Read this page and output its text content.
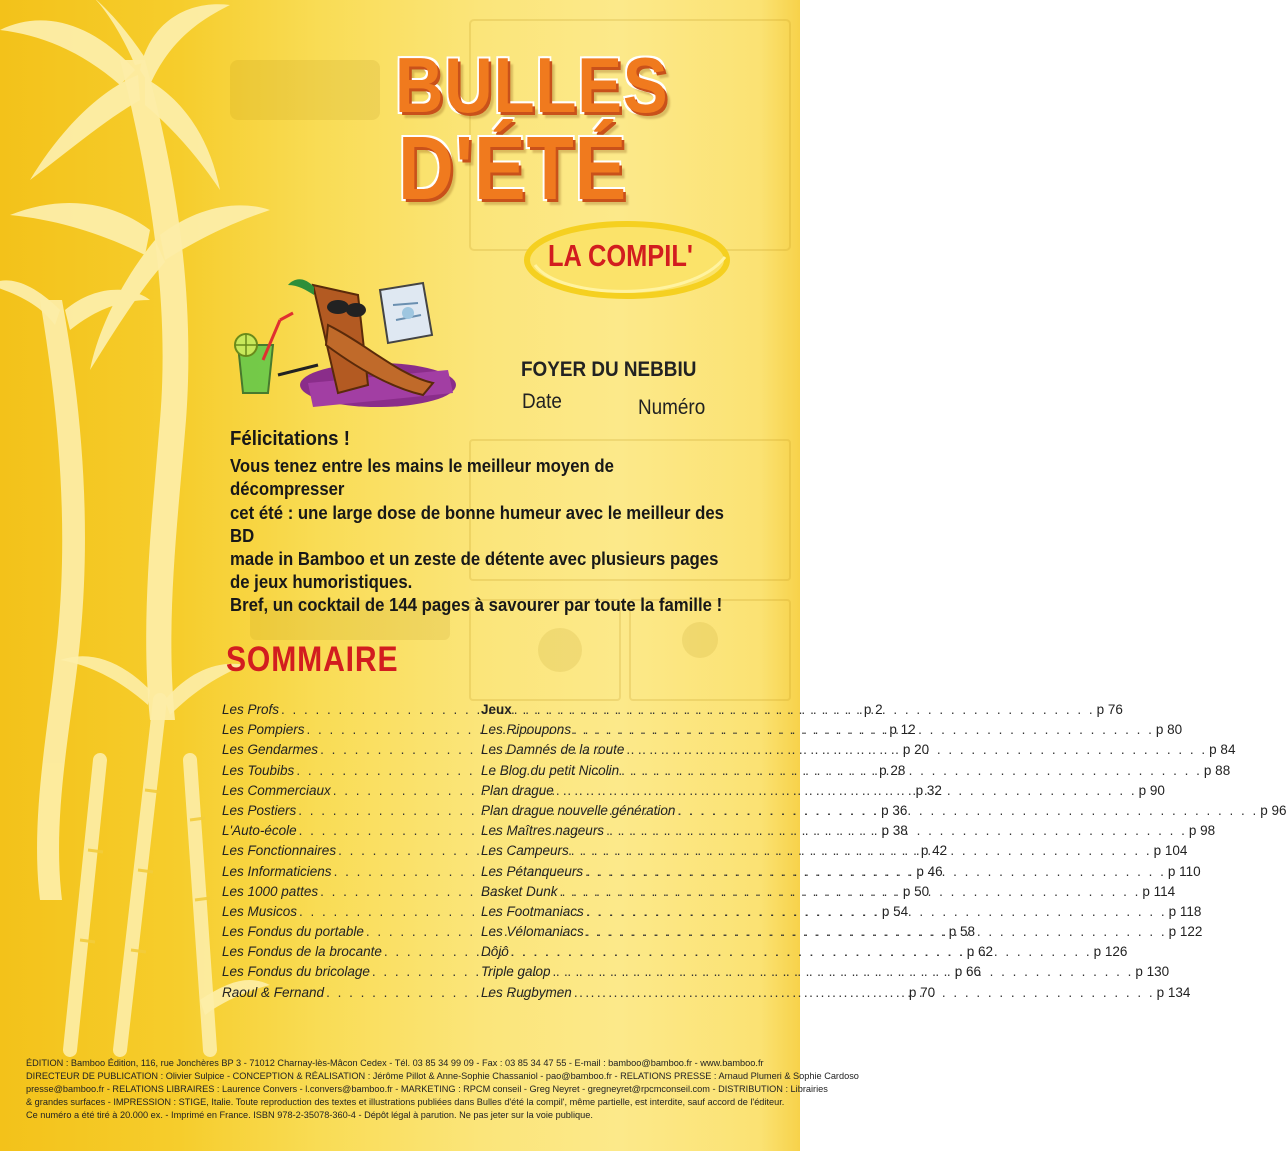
BULLES
D'ÉTÉ
LA COMPIL'
FOYER DU NEBBIU
Date	Numéro
Félicitations !
Vous tenez entre les mains le meilleur moyen de décompresser
cet été : une large dose de bonne humeur avec le meilleur des BD
made in Bamboo et un zeste de détente avec plusieurs pages
de jeux humoristiques.
Bref, un cocktail de 144 pages à savourer par toute la famille !
SOMMAIRE
Les Profs . . .	p 2
Les Pompiers . . .	p 12
Les Gendarmes . . .	p 20
Les Toubibs . . .	p 28
Les Commerciaux . . .	p 32
Les Postiers . . .	p 36
L'Auto-école . . .	p 38
Les Fonctionnaires . . .	p 42
Les Informaticiens . . .	p 46
Les 1000 pattes . . .	p 50
Les Musicos . . .	p 54
Les Fondus du portable . . .	p 58
Les Fondus de la brocante . . .	p 62
Les Fondus du bricolage . . .	p 66
Raoul & Fernand . . .	p 70
Jeux . . .	p 76
Les Ripoupons . . .	p 80
Les Damnés de la route . . .	p 84
Le Blog du petit Nicolin . . .	p 88
Plan drague . . .	p 90
Plan drague nouvelle génération . . .	p 96
Les Maîtres nageurs . . .	p 98
Les Campeurs . . .	p 104
Les Pétanqueurs . . .	p 110
Basket Dunk . . .	p 114
Les Footmaniacs . . .	p 118
Les Vélomaniacs . . .	p 122
Dôjô . . .	p 126
Triple galop . . .	p 130
Les Rugbymen . . .	p 134
ÉDITION : Bamboo Édition, 116, rue Jonchères BP 3 - 71012 Charnay-lès-Mâcon Cedex - Tél. 03 85 34 99 09 - Fax : 03 85 34 47 55 - E-mail : bamboo@bamboo.fr - www.bamboo.fr
DIRECTEUR DE PUBLICATION : Olivier Sulpice - CONCEPTION & RÉALISATION : Jérôme Pillot & Anne-Sophie Chassaniol - pao@bamboo.fr - RELATIONS PRESSE : Arnaud Plumeri & Sophie Cardoso
presse@bamboo.fr - RELATIONS LIBRAIRES : Laurence Convers - l.convers@bamboo.fr - MARKETING : RPCM conseil - Greg Neyret - gregneyret@rpcmconseil.com - DISTRIBUTION : Librairies
& grandes surfaces - IMPRESSION : STIGE, Italie. Toute reproduction des textes et illustrations publiées dans Bulles d'été la compil', même partielle, est interdite, sauf accord de l'éditeur.
Ce numéro a été tiré à 20.000 ex. - Imprimé en France. ISBN 978-2-35078-360-4 - Dépôt légal à parution. Ne pas jeter sur la voie publique.
